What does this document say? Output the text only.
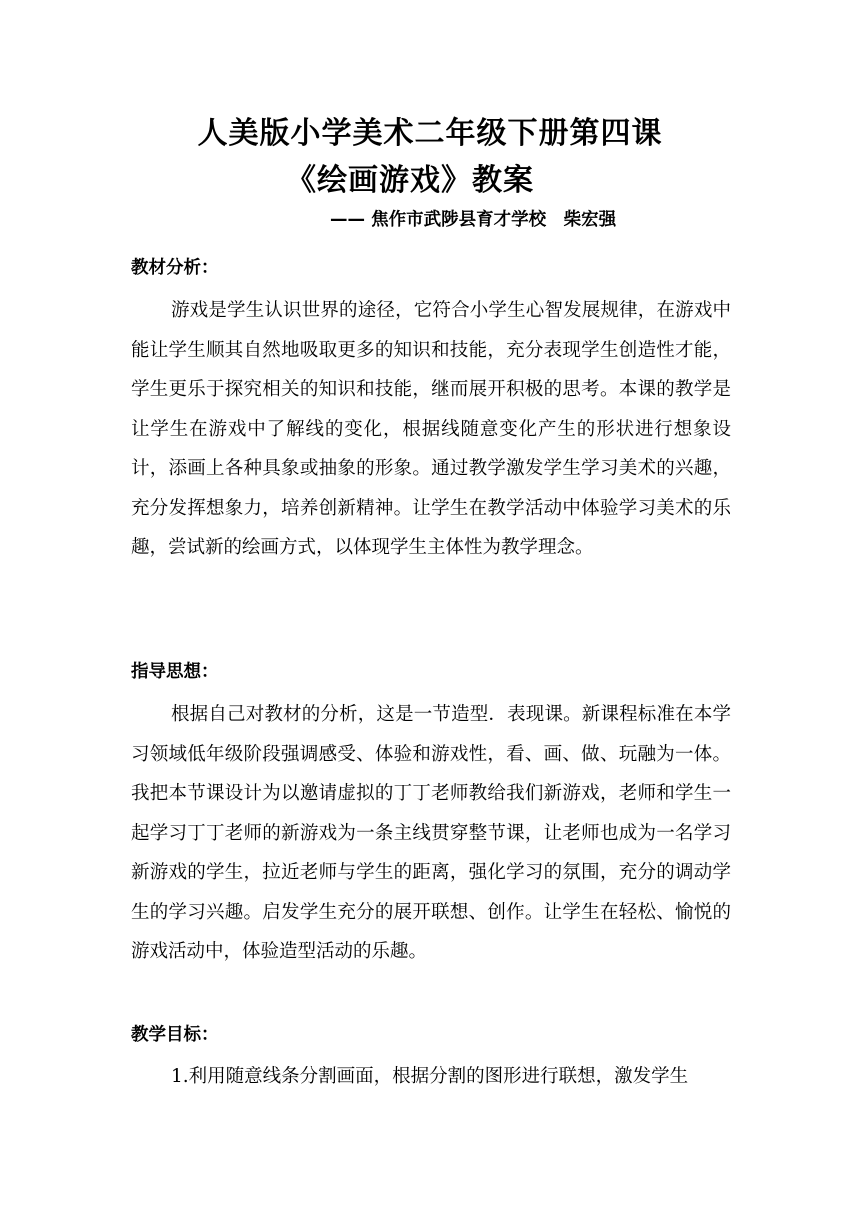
人美版小学美术二年级下册第四课
《绘画游戏》教案
—— 焦作市武陟县育才学校　柴宏强
教材分析：

游戏是学生认识世界的途径，它符合小学生心智发展规律，在游戏中能让学生顺其自然地吸取更多的知识和技能，充分表现学生创造性才能，学生更乐于探究相关的知识和技能，继而展开积极的思考。本课的教学是让学生在游戏中了解线的变化，根据线随意变化产生的形状进行想象设计，添画上各种具象或抽象的形象。通过教学激发学生学习美术的兴趣，充分发挥想象力，培养创新精神。让学生在教学活动中体验学习美术的乐趣，尝试新的绘画方式，以体现学生主体性为教学理念。

指导思想：

根据自己对教材的分析，这是一节造型．表现课。新课程标准在本学习领域低年级阶段强调感受、体验和游戏性，看、画、做、玩融为一体。我把本节课设计为以邀请虚拟的丁丁老师教给我们新游戏，老师和学生一起学习丁丁老师的新游戏为一条主线贯穿整节课，让老师也成为一名学习新游戏的学生，拉近老师与学生的距离，强化学习的氛围，充分的调动学生的学习兴趣。启发学生充分的展开联想、创作。让学生在轻松、愉悦的游戏活动中，体验造型活动的乐趣。

教学目标：

1.利用随意线条分割画面，根据分割的图形进行联想，激发学生
